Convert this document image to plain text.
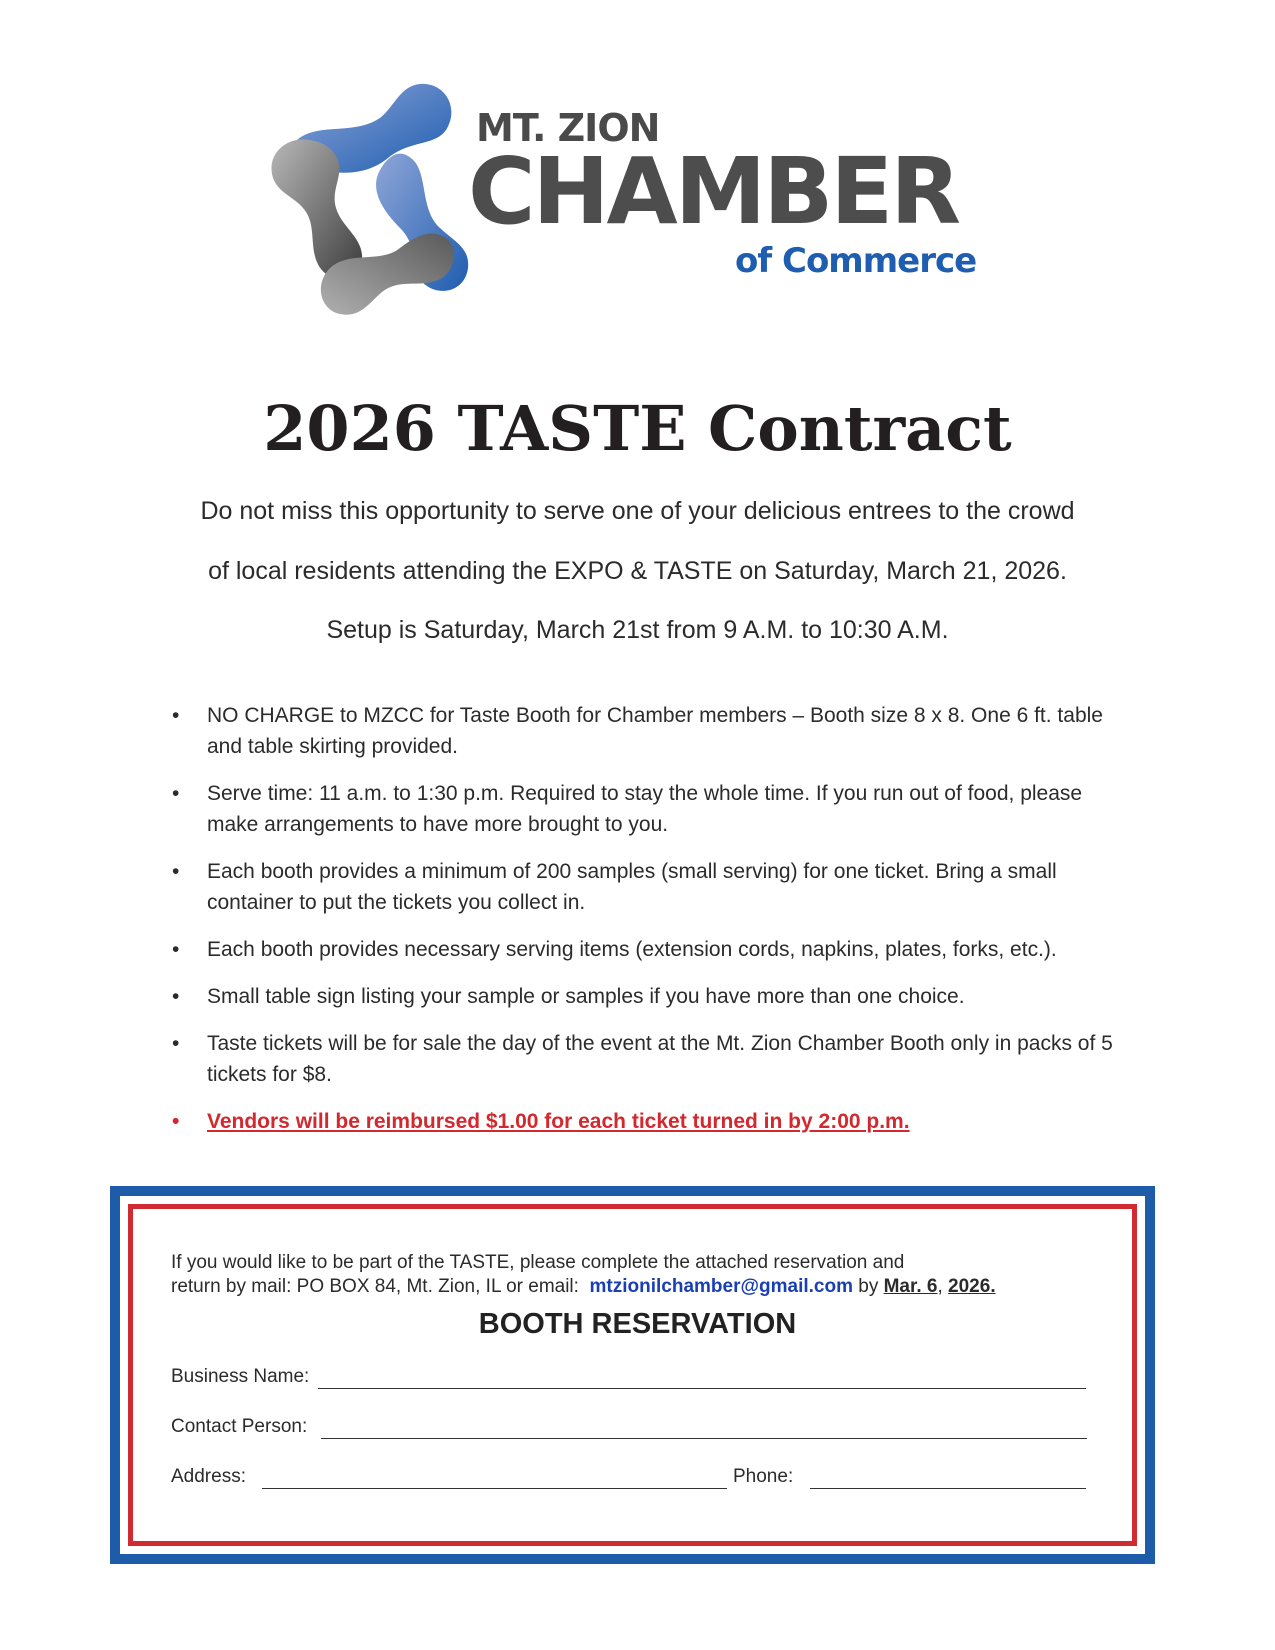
MT. ZION
CHAMBER
of Commerce
2026 TASTE Contract

Do not miss this opportunity to serve one of your delicious entrees to the crowd

of local residents attending the EXPO & TASTE on Saturday, March 21, 2026.

Setup is Saturday, March 21st from 9 A.M. to 10:30 A.M.

• NO CHARGE to MZCC for Taste Booth for Chamber members – Booth size 8 x 8. One 6 ft. table and table skirting provided.
• Serve time: 11 a.m. to 1:30 p.m. Required to stay the whole time. If you run out of food, please make arrangements to have more brought to you.
• Each booth provides a minimum of 200 samples (small serving) for one ticket. Bring a small container to put the tickets you collect in.
• Each booth provides necessary serving items (extension cords, napkins, plates, forks, etc.).
• Small table sign listing your sample or samples if you have more than one choice.
• Taste tickets will be for sale the day of the event at the Mt. Zion Chamber Booth only in packs of 5 tickets for $8.
• Vendors will be reimbursed $1.00 for each ticket turned in by 2:00 p.m.
If you would like to be part of the TASTE, please complete the attached reservation and
return by mail: PO BOX 84, Mt. Zion, IL or email: mtzionilchamber@gmail.com by Mar. 6, 2026.
BOOTH RESERVATION
Business Name:
Contact Person:
Address:	Phone:
